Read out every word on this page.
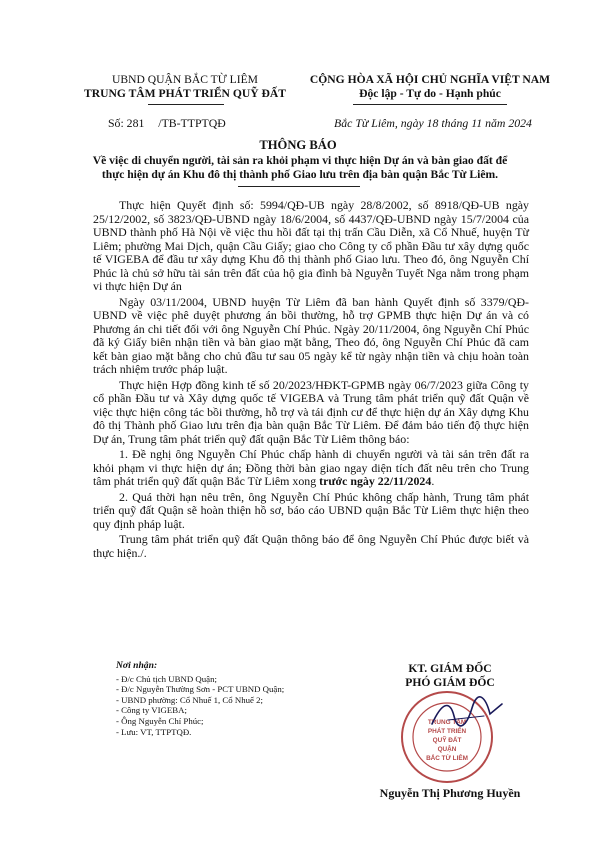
UBND QUẬN BẮC TỪ LIÊM
TRUNG TÂM PHÁT TRIỂN QUỸ ĐẤT
CỘNG HÒA XÃ HỘI CHỦ NGHĨA VIỆT NAM
Độc lập - Tự do - Hạnh phúc
Số: 281 /TB-TTPTQĐ	Bắc Từ Liêm, ngày 18 tháng 11 năm 2024
THÔNG BÁO
Về việc di chuyển người, tài sản ra khỏi phạm vi thực hiện Dự án và bàn giao đất để
thực hiện dự án Khu đô thị thành phố Giao lưu trên địa bàn quận Bắc Từ Liêm.

Thực hiện Quyết định số: 5994/QĐ-UB ngày 28/8/2002, số 8918/QĐ-UB ngày 25/12/2002, số 3823/QĐ-UBND ngày 18/6/2004, số 4437/QĐ-UBND ngày 15/7/2004 của UBND thành phố Hà Nội về việc thu hồi đất tại thị trấn Cầu Diễn, xã Cổ Nhuế, huyện Từ Liêm; phường Mai Dịch, quận Cầu Giấy; giao cho Công ty cổ phần Đầu tư xây dựng quốc tế VIGEBA để đầu tư xây dựng Khu đô thị thành phố Giao lưu. Theo đó, ông Nguyễn Chí Phúc là chủ sở hữu tài sản trên đất của hộ gia đình bà Nguyễn Tuyết Nga nằm trong phạm vi thực hiện Dự án

Ngày 03/11/2004, UBND huyện Từ Liêm đã ban hành Quyết định số 3379/QĐ-UBND về việc phê duyệt phương án bồi thường, hỗ trợ GPMB thực hiện Dự án và có Phương án chi tiết đối với ông Nguyễn Chí Phúc. Ngày 20/11/2004, ông Nguyễn Chí Phúc đã ký Giấy biên nhận tiền và bàn giao mặt bằng, Theo đó, ông Nguyễn Chí Phúc đã cam kết bàn giao mặt bằng cho chủ đầu tư sau 05 ngày kể từ ngày nhận tiền và chịu hoàn toàn trách nhiệm trước pháp luật.

Thực hiện Hợp đồng kinh tế số 20/2023/HĐKT-GPMB ngày 06/7/2023 giữa Công ty cổ phần Đầu tư và Xây dựng quốc tế VIGEBA và Trung tâm phát triển quỹ đất Quận về việc thực hiện công tác bồi thường, hỗ trợ và tái định cư để thực hiện dự án Xây dựng Khu đô thị Thành phố Giao lưu trên địa bàn quận Bắc Từ Liêm. Để đảm bảo tiến độ thực hiện Dự án, Trung tâm phát triển quỹ đất quận Bắc Từ Liêm thông báo:

1. Đề nghị ông Nguyễn Chí Phúc chấp hành di chuyển người và tài sản trên đất ra khỏi phạm vi thực hiện dự án; Đồng thời bàn giao ngay diện tích đất nêu trên cho Trung tâm phát triển quỹ đất quận Bắc Từ Liêm xong trước ngày 22/11/2024.

2. Quá thời hạn nêu trên, ông Nguyễn Chí Phúc không chấp hành, Trung tâm phát triển quỹ đất Quận sẽ hoàn thiện hồ sơ, báo cáo UBND quận Bắc Từ Liêm thực hiện theo quy định pháp luật.

Trung tâm phát triển quỹ đất Quận thông báo để ông Nguyễn Chí Phúc được biết và thực hiện./.

Nơi nhận:
- Đ/c Chủ tịch UBND Quận;
- Đ/c Nguyễn Thường Sơn - PCT UBND Quận;
- UBND phường: Cổ Nhuế 1, Cổ Nhuế 2;
- Công ty VIGEBA;
- Ông Nguyễn Chí Phúc;
- Lưu: VT, TTPTQĐ.
KT. GIÁM ĐỐC
PHÓ GIÁM ĐỐC
TRUNG TÂM
PHÁT TRIỂN
QUỸ ĐẤT
QUẬN
BẮC TỪ LIÊM
Nguyễn Thị Phương Huyền
